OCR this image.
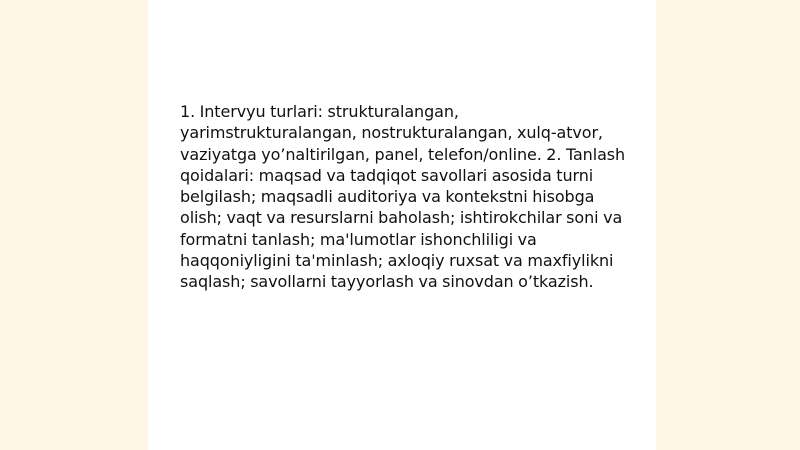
1. Intervyu turlari: strukturalangan, yarimstrukturalangan, nostrukturalangan, xulq-atvor, vaziyatga yo’naltirilgan, panel, telefon/online. 2. Tanlash qoidalari: maqsad va tadqiqot savollari asosida turni belgilash; maqsadli auditoriya va kontekstni hisobga olish; vaqt va resurslarni baholash; ishtirokchilar soni va formatni tanlash; ma'lumotlar ishonchliligi va haqqoniyligini ta'minlash; axloqiy ruxsat va maxfiylikni saqlash; savollarni tayyorlash va sinovdan o’tkazish.
